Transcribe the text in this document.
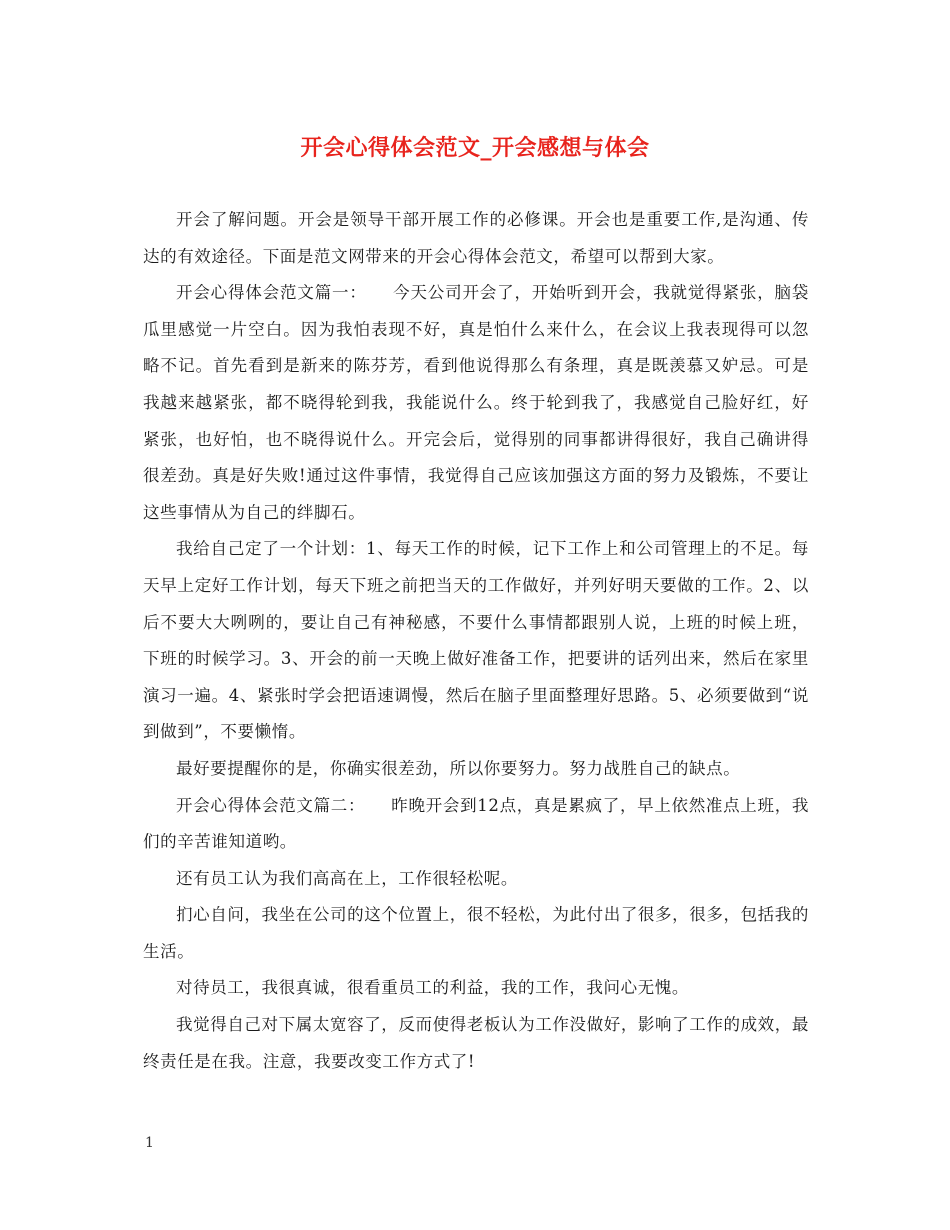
开会心得体会范文_开会感想与体会

开会了解问题。开会是领导干部开展工作的必修课。开会也是重要工作,是沟通、传达的有效途径。下面是范文网带来的开会心得体会范文，希望可以帮到大家。

开会心得体会范文篇一：　　今天公司开会了，开始听到开会，我就觉得紧张，脑袋瓜里感觉一片空白。因为我怕表现不好，真是怕什么来什么，在会议上我表现得可以忽略不记。首先看到是新来的陈芬芳，看到他说得那么有条理，真是既羡慕又妒忌。可是我越来越紧张，都不晓得轮到我，我能说什么。终于轮到我了，我感觉自己脸好红，好紧张，也好怕，也不晓得说什么。开完会后，觉得别的同事都讲得很好，我自己确讲得很差劲。真是好失败!通过这件事情，我觉得自己应该加强这方面的努力及锻炼，不要让这些事情从为自己的绊脚石。

我给自己定了一个计划：1、每天工作的时候，记下工作上和公司管理上的不足。每天早上定好工作计划，每天下班之前把当天的工作做好，并列好明天要做的工作。2、以后不要大大咧咧的，要让自己有神秘感，不要什么事情都跟别人说，上班的时候上班，下班的时候学习。3、开会的前一天晚上做好准备工作，把要讲的话列出来，然后在家里演习一遍。4、紧张时学会把语速调慢，然后在脑子里面整理好思路。5、必须要做到“说到做到”，不要懒惰。

最好要提醒你的是，你确实很差劲，所以你要努力。努力战胜自己的缺点。

开会心得体会范文篇二：　　昨晚开会到12点，真是累疯了，早上依然准点上班，我们的辛苦谁知道哟。

还有员工认为我们高高在上，工作很轻松呢。

扪心自问，我坐在公司的这个位置上，很不轻松，为此付出了很多，很多，包括我的生活。

对待员工，我很真诚，很看重员工的利益，我的工作，我问心无愧。

我觉得自己对下属太宽容了，反而使得老板认为工作没做好，影响了工作的成效，最终责任是在我。注意，我要改变工作方式了!

1
